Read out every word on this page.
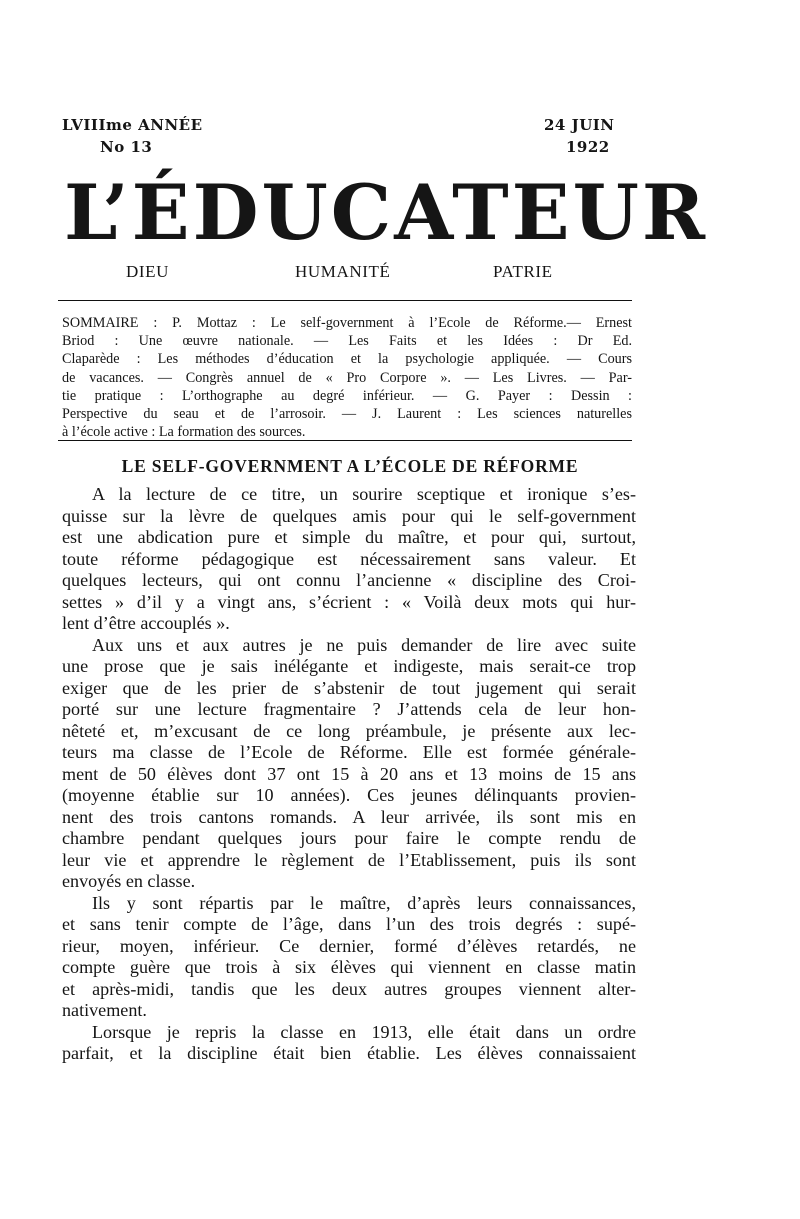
LVIIIme ANNÉE
No 13
24 JUIN
1922
L’ÉDUCATEUR
DIEU	HUMANITÉ	PATRIE
SOMMAIRE : P. Mottaz : Le self-government à l’Ecole de Réforme.— Ernest
Briod : Une œuvre nationale. — Les Faits et les Idées : Dr Ed.
Claparède : Les méthodes d’éducation et la psychologie appliquée. — Cours
de vacances. — Congrès annuel de « Pro Corpore ». — Les Livres. — Par-
tie pratique : L’orthographe au degré inférieur. — G. Payer : Dessin :
Perspective du seau et de l’arrosoir. — J. Laurent : Les sciences naturelles
à l’école active : La formation des sources.
LE SELF-GOVERNMENT A L’ÉCOLE DE RÉFORME
A la lecture de ce titre, un sourire sceptique et ironique s’es-
quisse sur la lèvre de quelques amis pour qui le self-government
est une abdication pure et simple du maître, et pour qui, surtout,
toute réforme pédagogique est nécessairement sans valeur. Et
quelques lecteurs, qui ont connu l’ancienne « discipline des Croi-
settes » d’il y a vingt ans, s’écrient : « Voilà deux mots qui hur-
lent d’être accouplés ».
Aux uns et aux autres je ne puis demander de lire avec suite
une prose que je sais inélégante et indigeste, mais serait-ce trop
exiger que de les prier de s’abstenir de tout jugement qui serait
porté sur une lecture fragmentaire ? J’attends cela de leur hon-
nêteté et, m’excusant de ce long préambule, je présente aux lec-
teurs ma classe de l’Ecole de Réforme. Elle est formée générale-
ment de 50 élèves dont 37 ont 15 à 20 ans et 13 moins de 15 ans
(moyenne établie sur 10 années). Ces jeunes délinquants provien-
nent des trois cantons romands. A leur arrivée, ils sont mis en
chambre pendant quelques jours pour faire le compte rendu de
leur vie et apprendre le règlement de l’Etablissement, puis ils sont
envoyés en classe.
Ils y sont répartis par le maître, d’après leurs connaissances,
et sans tenir compte de l’âge, dans l’un des trois degrés : supé-
rieur, moyen, inférieur. Ce dernier, formé d’élèves retardés, ne
compte guère que trois à six élèves qui viennent en classe matin
et après-midi, tandis que les deux autres groupes viennent alter-
nativement.
Lorsque je repris la classe en 1913, elle était dans un ordre
parfait, et la discipline était bien établie. Les élèves connaissaient
